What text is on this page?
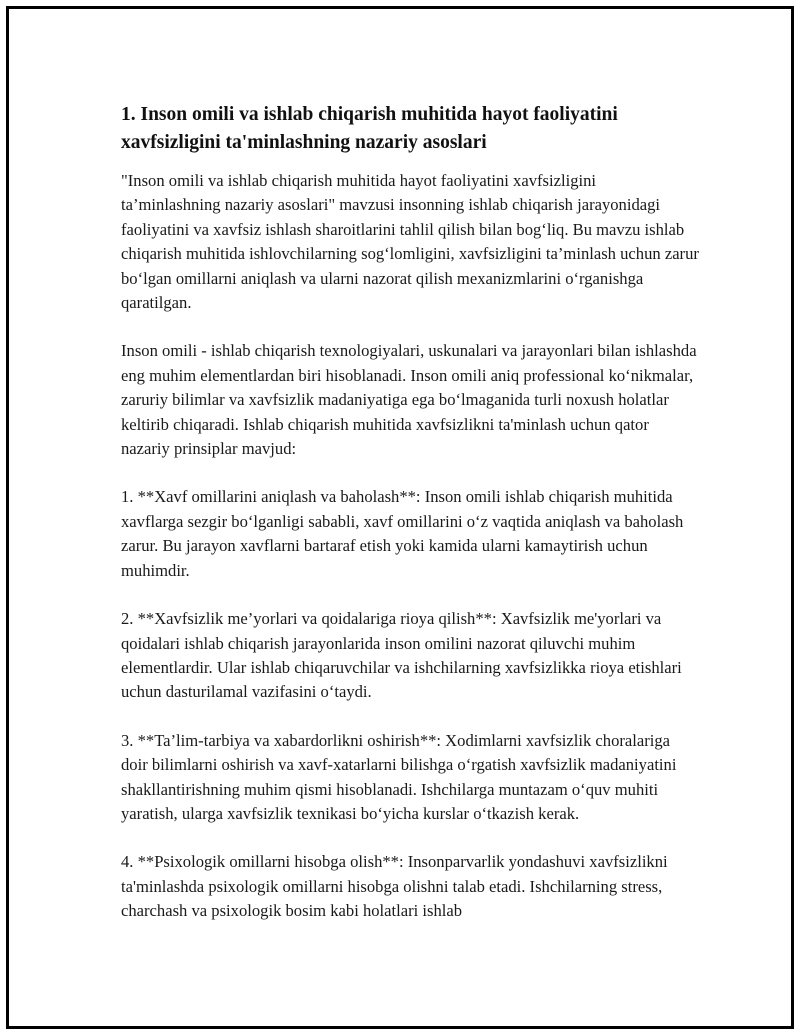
1. Inson omili va ishlab chiqarish muhitida hayot faoliyatini xavfsizligini ta'minlashning nazariy asoslari

"Inson omili va ishlab chiqarish muhitida hayot faoliyatini xavfsizligini ta’minlashning nazariy asoslari" mavzusi insonning ishlab chiqarish jarayonidagi faoliyatini va xavfsiz ishlash sharoitlarini tahlil qilish bilan bog‘liq. Bu mavzu ishlab chiqarish muhitida ishlovchilarning sog‘lomligini, xavfsizligini ta’minlash uchun zarur bo‘lgan omillarni aniqlash va ularni nazorat qilish mexanizmlarini o‘rganishga qaratilgan.

Inson omili - ishlab chiqarish texnologiyalari, uskunalari va jarayonlari bilan ishlashda eng muhim elementlardan biri hisoblanadi. Inson omili aniq professional ko‘nikmalar, zaruriy bilimlar va xavfsizlik madaniyatiga ega bo‘lmaganida turli noxush holatlar keltirib chiqaradi. Ishlab chiqarish muhitida xavfsizlikni ta'minlash uchun qator nazariy prinsiplar mavjud:

1. **Xavf omillarini aniqlash va baholash**: Inson omili ishlab chiqarish muhitida xavflarga sezgir bo‘lganligi sababli, xavf omillarini o‘z vaqtida aniqlash va baholash zarur. Bu jarayon xavflarni bartaraf etish yoki kamida ularni kamaytirish uchun muhimdir.

2. **Xavfsizlik me’yorlari va qoidalariga rioya qilish**: Xavfsizlik me'yorlari va qoidalari ishlab chiqarish jarayonlarida inson omilini nazorat qiluvchi muhim elementlardir. Ular ishlab chiqaruvchilar va ishchilarning xavfsizlikka rioya etishlari uchun dasturilamal vazifasini o‘taydi.

3. **Ta’lim-tarbiya va xabardorlikni oshirish**: Xodimlarni xavfsizlik choralariga doir bilimlarni oshirish va xavf-xatarlarni bilishga o‘rgatish xavfsizlik madaniyatini shakllantirishning muhim qismi hisoblanadi. Ishchilarga muntazam o‘quv muhiti yaratish, ularga xavfsizlik texnikasi bo‘yicha kurslar o‘tkazish kerak.

4. **Psixologik omillarni hisobga olish**: Insonparvarlik yondashuvi xavfsizlikni ta'minlashda psixologik omillarni hisobga olishni talab etadi. Ishchilarning stress, charchash va psixologik bosim kabi holatlari ishlab
